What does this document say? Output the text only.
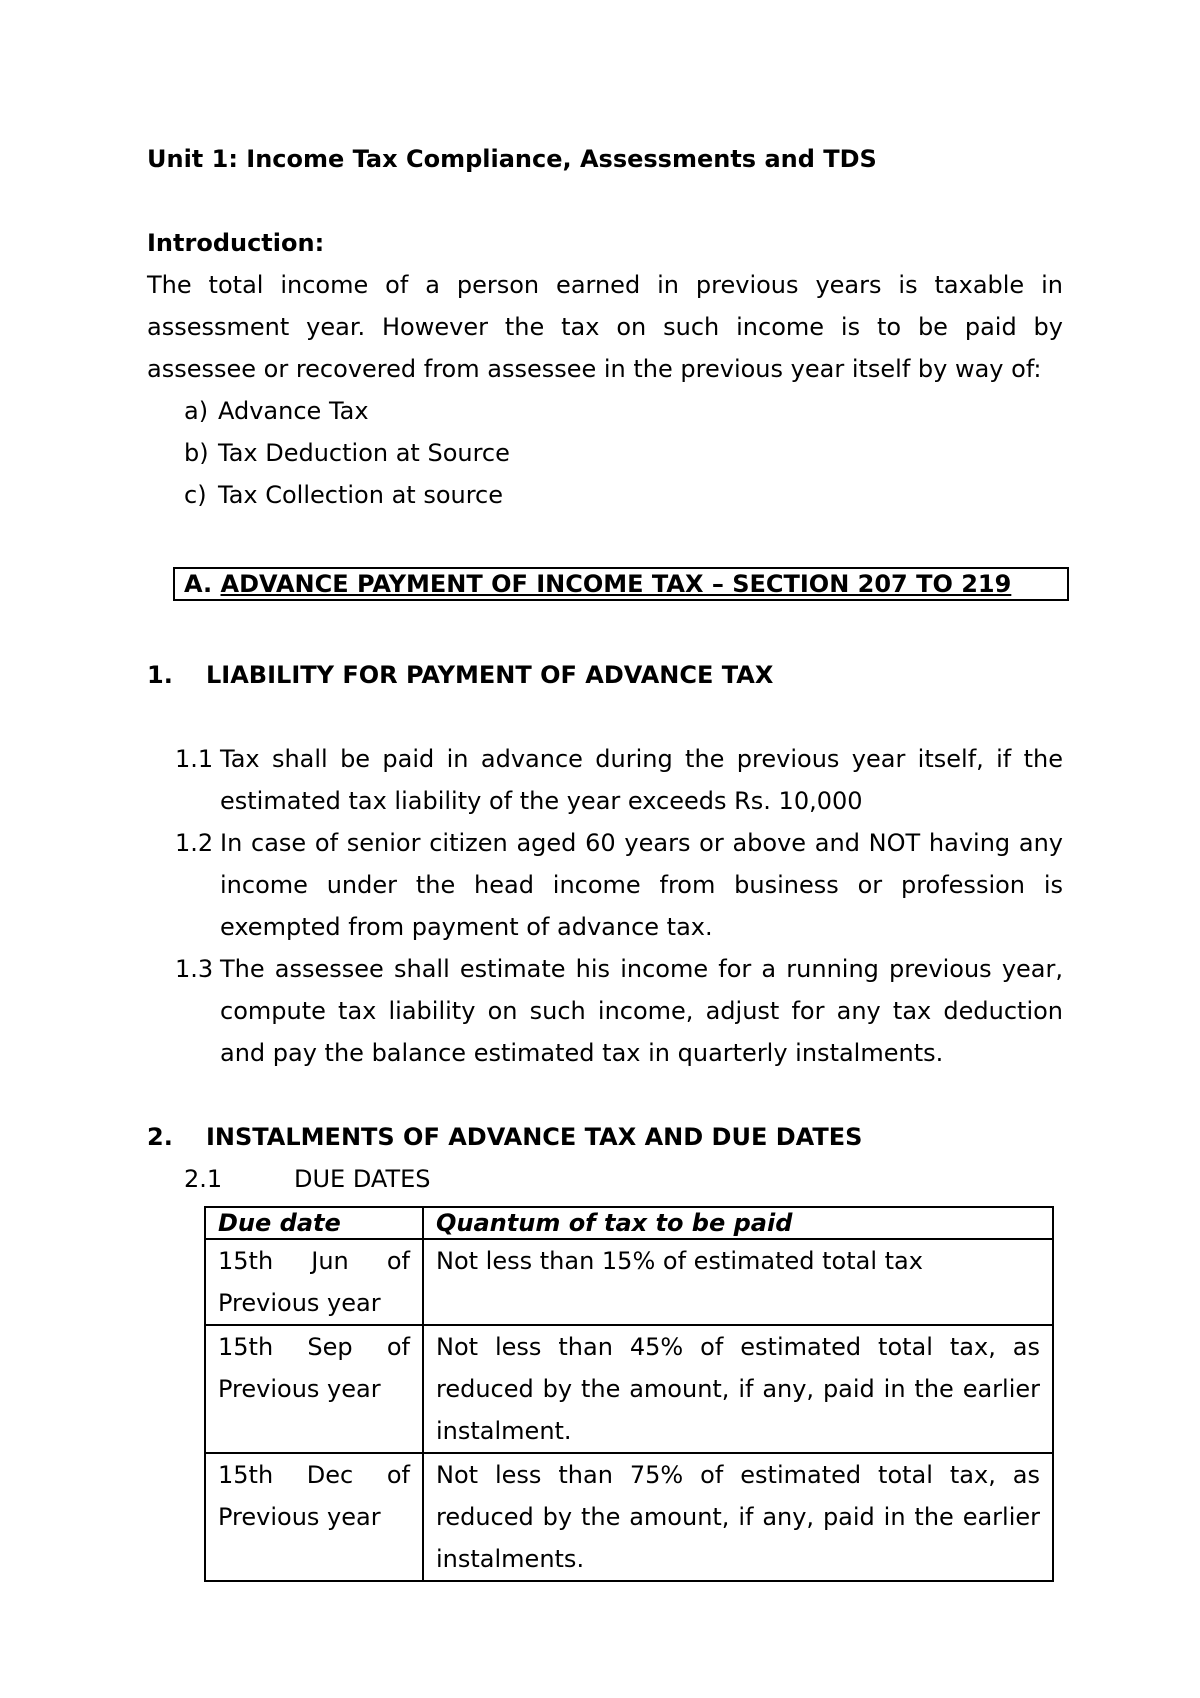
Unit 1: Income Tax Compliance, Assessments and TDS
Introduction:
The total income of a person earned in previous years is taxable in
assessment year. However the tax on such income is to be paid by
assessee or recovered from assessee in the previous year itself by way of:
a) Advance Tax
b) Tax Deduction at Source
c) Tax Collection at source
A. ADVANCE PAYMENT OF INCOME TAX – SECTION 207 TO 219
1. LIABILITY FOR PAYMENT OF ADVANCE TAX
1.1 Tax shall be paid in advance during the previous year itself, if the
estimated tax liability of the year exceeds Rs. 10,000
1.2 In case of senior citizen aged 60 years or above and NOT having any
income under the head income from business or profession is
exempted from payment of advance tax.
1.3 The assessee shall estimate his income for a running previous year,
compute tax liability on such income, adjust for any tax deduction
and pay the balance estimated tax in quarterly instalments.
2. INSTALMENTS OF ADVANCE TAX AND DUE DATES
2.1	DUE DATES
Due date	Quantum of tax to be paid
15th Jun of Previous year	Not less than 15% of estimated total tax
15th Sep of Previous year	Not less than 45% of estimated total tax, as reduced by the amount, if any, paid in the earlier instalment.
15th Dec of Previous year	Not less than 75% of estimated total tax, as reduced by the amount, if any, paid in the earlier instalments.
